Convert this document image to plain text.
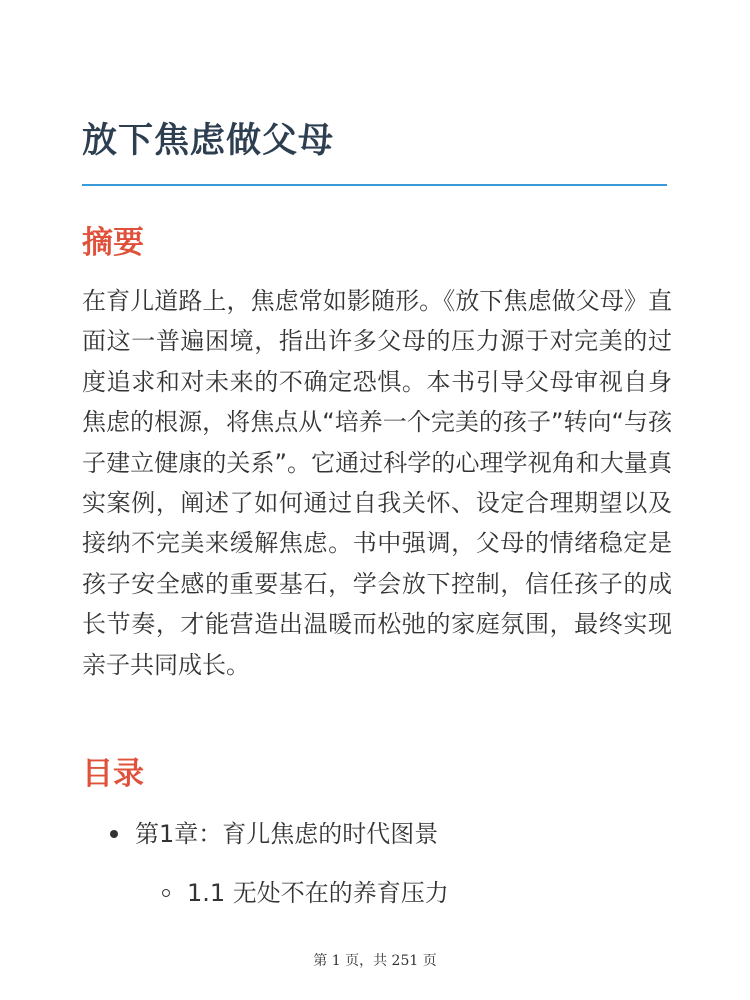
放下焦虑做父母
摘要

在育儿道路上，焦虑常如影随形。《放下焦虑做父母》直面这一普遍困境，指出许多父母的压力源于对完美的过度追求和对未来的不确定恐惧。本书引导父母审视自身焦虑的根源，将焦点从“培养一个完美的孩子”转向“与孩子建立健康的关系”。它通过科学的心理学视角和大量真实案例，阐述了如何通过自我关怀、设定合理期望以及接纳不完美来缓解焦虑。书中强调，父母的情绪稳定是孩子安全感的重要基石，学会放下控制，信任孩子的成长节奏，才能营造出温暖而松弛的家庭氛围，最终实现亲子共同成长。

目录
第1章：育儿焦虑的时代图景
1.1 无处不在的养育压力
第 1 页，共 251 页
